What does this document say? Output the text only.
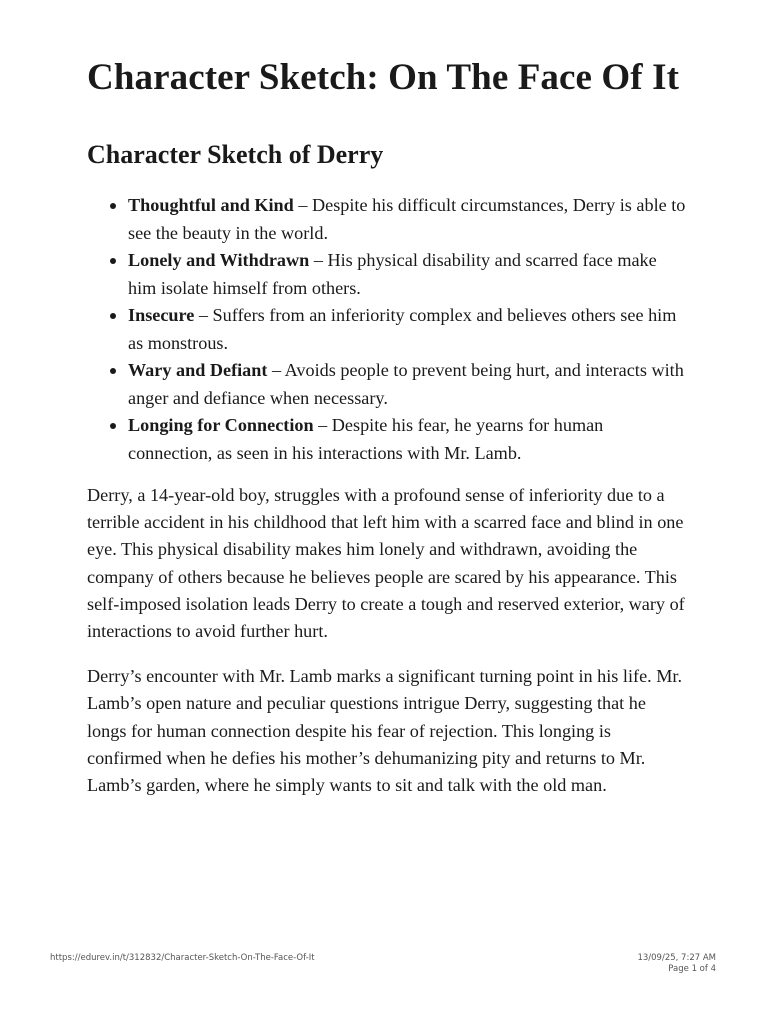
Character Sketch: On The Face Of It
Character Sketch of Derry
Thoughtful and Kind – Despite his difficult circumstances, Derry is able to see the beauty in the world.
Lonely and Withdrawn – His physical disability and scarred face make him isolate himself from others.
Insecure – Suffers from an inferiority complex and believes others see him as monstrous.
Wary and Defiant – Avoids people to prevent being hurt, and interacts with anger and defiance when necessary.
Longing for Connection – Despite his fear, he yearns for human connection, as seen in his interactions with Mr. Lamb.

Derry, a 14-year-old boy, struggles with a profound sense of inferiority due to a terrible accident in his childhood that left him with a scarred face and blind in one eye. This physical disability makes him lonely and withdrawn, avoiding the company of others because he believes people are scared by his appearance. This self-imposed isolation leads Derry to create a tough and reserved exterior, wary of interactions to avoid further hurt.

Derry’s encounter with Mr. Lamb marks a significant turning point in his life. Mr. Lamb’s open nature and peculiar questions intrigue Derry, suggesting that he longs for human connection despite his fear of rejection. This longing is confirmed when he defies his mother’s dehumanizing pity and returns to Mr. Lamb’s garden, where he simply wants to sit and talk with the old man.

https://edurev.in/t/312832/Character-Sketch-On-The-Face-Of-It	13/09/25, 7:27 AM
Page 1 of 4
